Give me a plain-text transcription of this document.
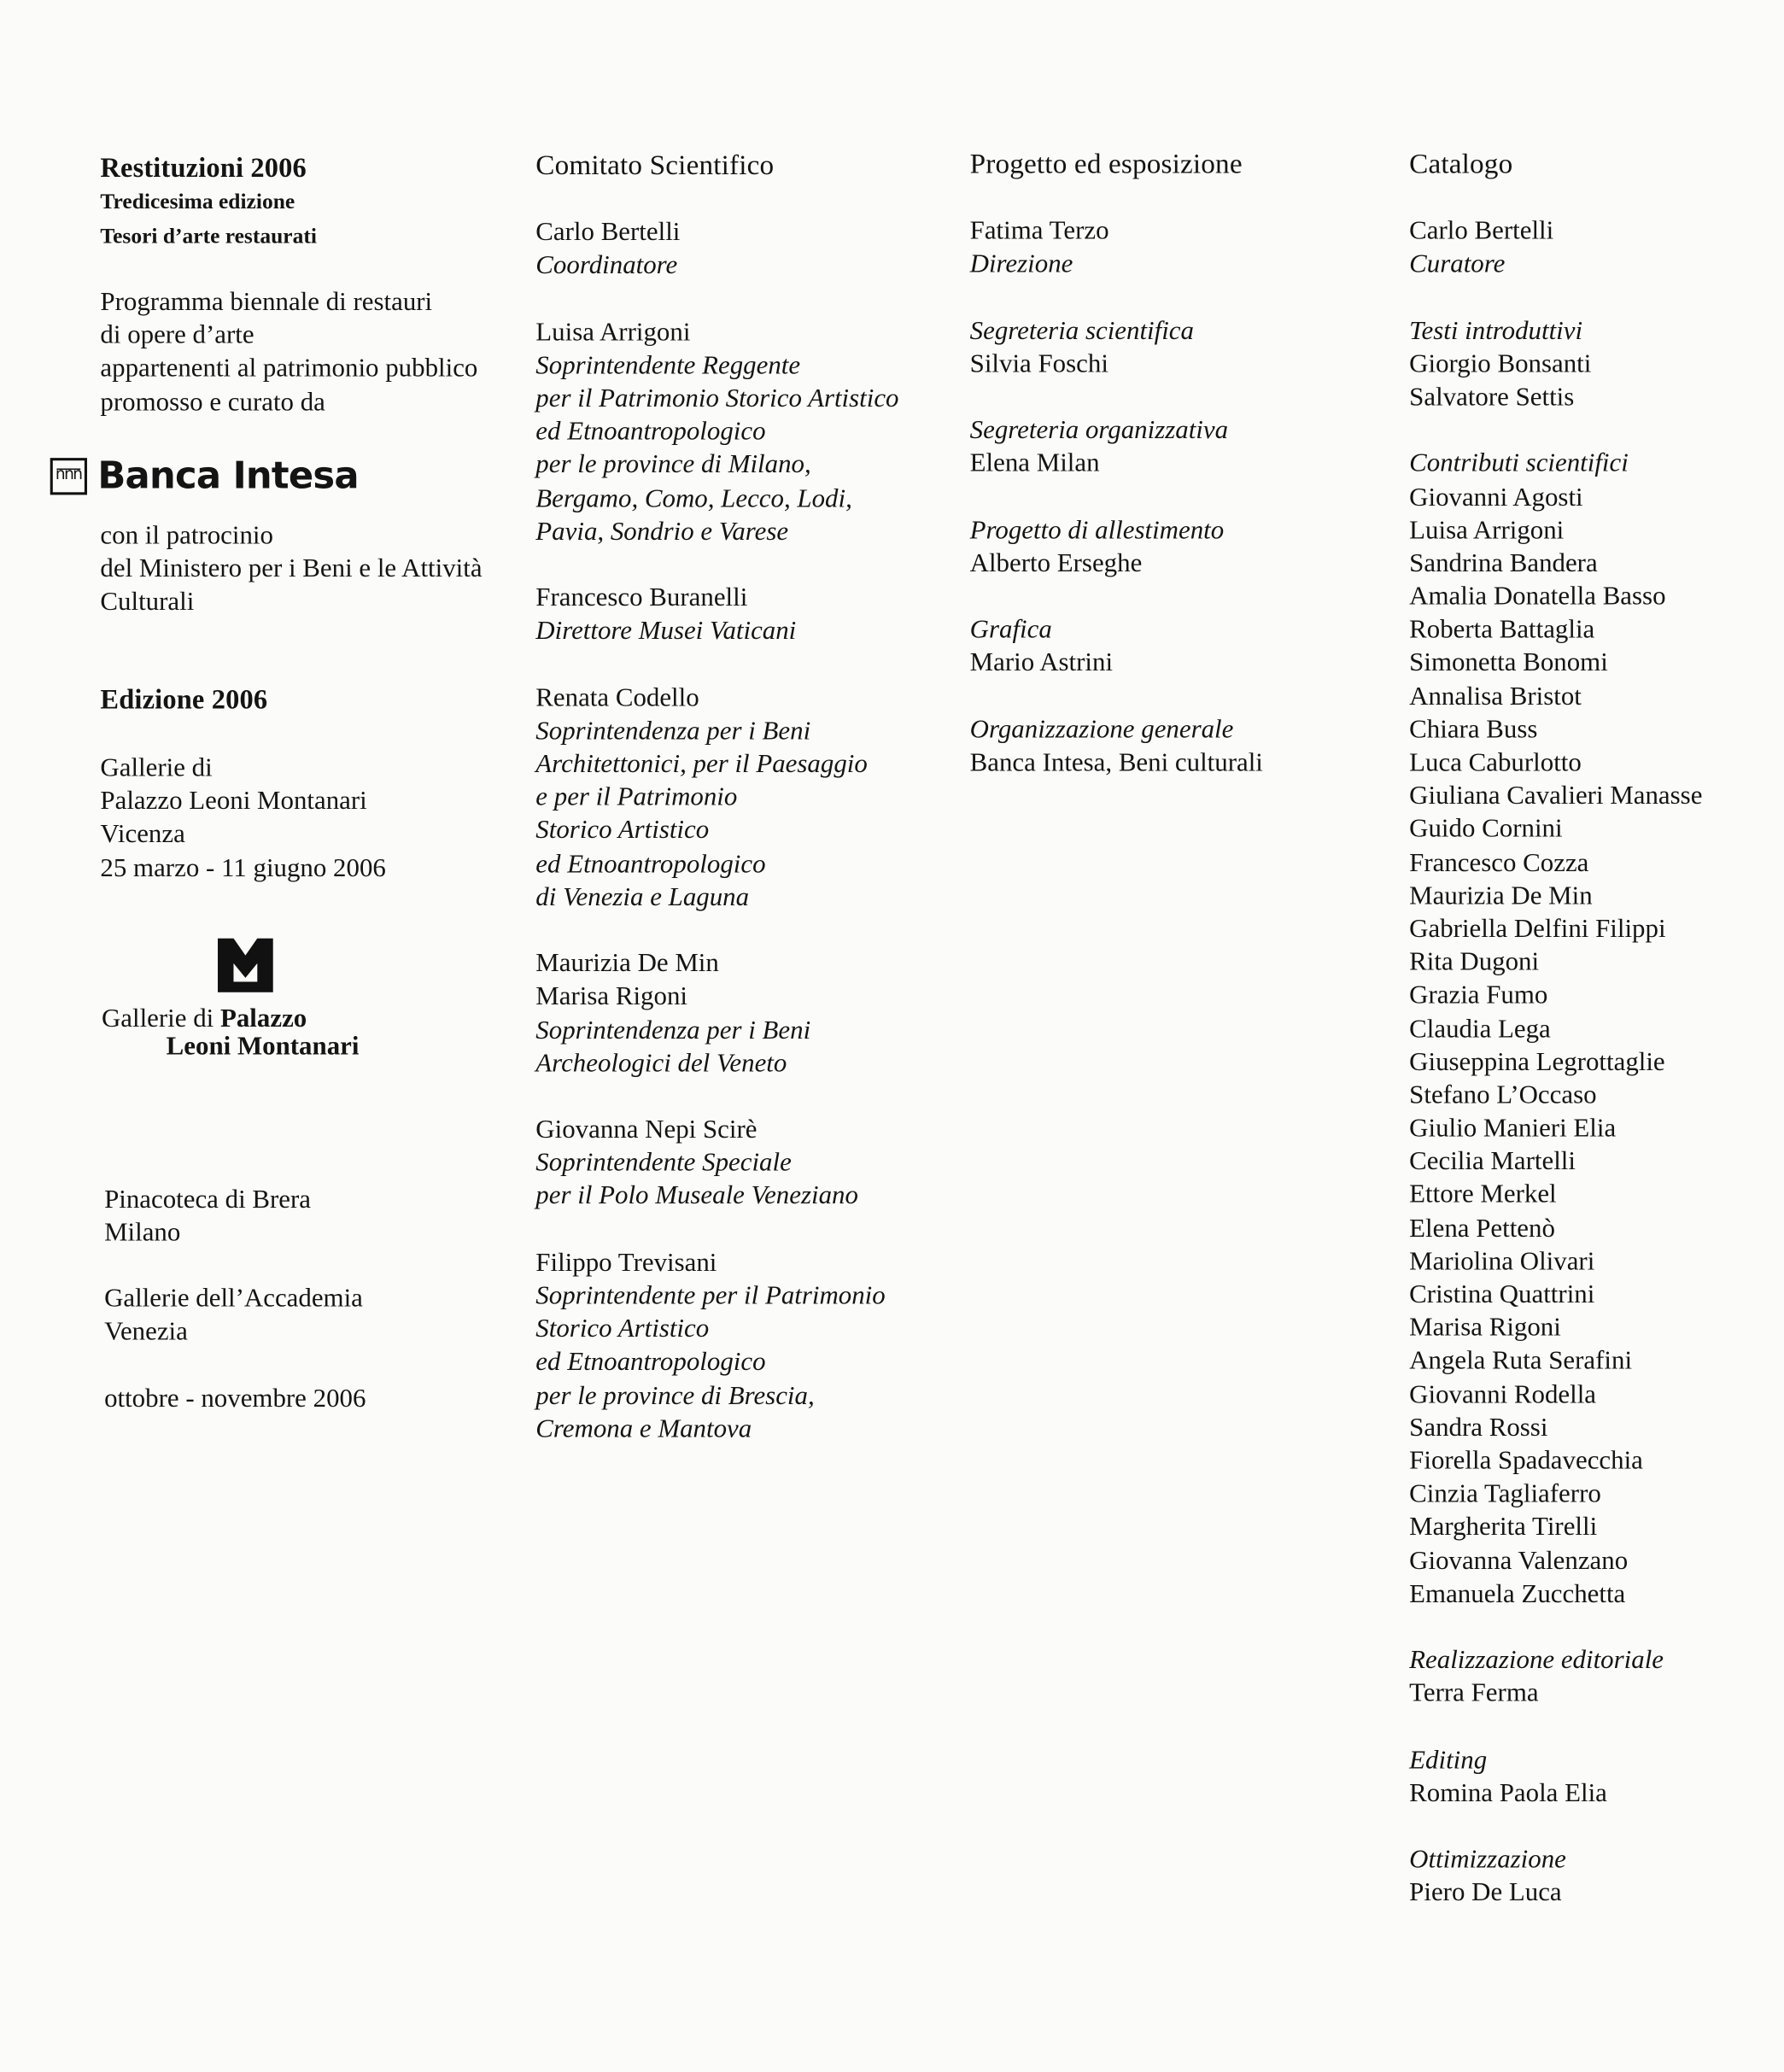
Restituzioni 2006
Tredicesima edizione
Tesori d’arte restaurati
Programma biennale di restauri
di opere d’arte
appartenenti al patrimonio pubblico
promosso e curato da
nnn
Banca Intesa
con il patrocinio
del Ministero per i Beni e le Attività
Culturali
Edizione 2006
Gallerie di
Palazzo Leoni Montanari
Vicenza
25 marzo - 11 giugno 2006
Gallerie di Palazzo
Leoni Montanari
Pinacoteca di Brera
Milano
Gallerie dell’Accademia
Venezia
ottobre - novembre 2006
Comitato Scientifico
Carlo Bertelli
Coordinatore
Luisa Arrigoni
Soprintendente Reggente
per il Patrimonio Storico Artistico
ed Etnoantropologico
per le province di Milano,
Bergamo, Como, Lecco, Lodi,
Pavia, Sondrio e Varese
Francesco Buranelli
Direttore Musei Vaticani
Renata Codello
Soprintendenza per i Beni
Architettonici, per il Paesaggio
e per il Patrimonio
Storico Artistico
ed Etnoantropologico
di Venezia e Laguna
Maurizia De Min
Marisa Rigoni
Soprintendenza per i Beni
Archeologici del Veneto
Giovanna Nepi Scirè
Soprintendente Speciale
per il Polo Museale Veneziano
Filippo Trevisani
Soprintendente per il Patrimonio
Storico Artistico
ed Etnoantropologico
per le province di Brescia,
Cremona e Mantova
Progetto ed esposizione
Fatima Terzo
Direzione
Segreteria scientifica
Silvia Foschi
Segreteria organizzativa
Elena Milan
Progetto di allestimento
Alberto Erseghe
Grafica
Mario Astrini
Organizzazione generale
Banca Intesa, Beni culturali
Catalogo
Carlo Bertelli
Curatore
Testi introduttivi
Giorgio Bonsanti
Salvatore Settis
Contributi scientifici
Giovanni Agosti
Luisa Arrigoni
Sandrina Bandera
Amalia Donatella Basso
Roberta Battaglia
Simonetta Bonomi
Annalisa Bristot
Chiara Buss
Luca Caburlotto
Giuliana Cavalieri Manasse
Guido Cornini
Francesco Cozza
Maurizia De Min
Gabriella Delfini Filippi
Rita Dugoni
Grazia Fumo
Claudia Lega
Giuseppina Legrottaglie
Stefano L’Occaso
Giulio Manieri Elia
Cecilia Martelli
Ettore Merkel
Elena Pettenò
Mariolina Olivari
Cristina Quattrini
Marisa Rigoni
Angela Ruta Serafini
Giovanni Rodella
Sandra Rossi
Fiorella Spadavecchia
Cinzia Tagliaferro
Margherita Tirelli
Giovanna Valenzano
Emanuela Zucchetta
Realizzazione editoriale
Terra Ferma
Editing
Romina Paola Elia
Ottimizzazione
Piero De Luca
